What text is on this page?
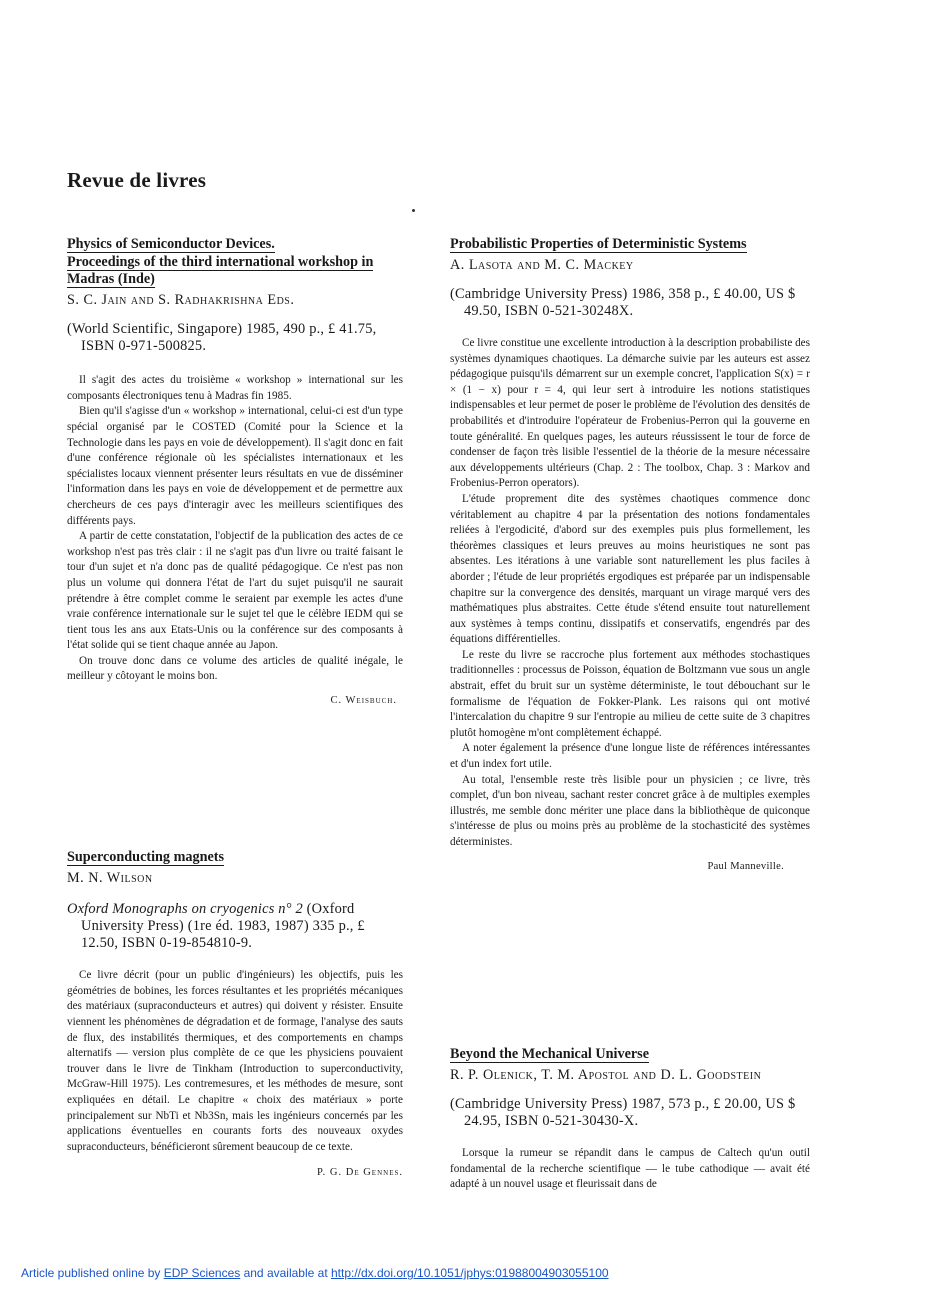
Revue de livres
Physics of Semiconductor Devices.
Proceedings of the third international workshop in
Madras (Inde)
S. C. Jain and S. Radhakrishna Eds.
(World Scientific, Singapore) 1985, 490 p., £ 41.75, ISBN 0-971-500825.

Il s'agit des actes du troisième « workshop » international sur les composants électroniques tenu à Madras fin 1985.

Bien qu'il s'agisse d'un « workshop » international, celui-ci est d'un type spécial organisé par le COSTED (Comité pour la Science et la Technologie dans les pays en voie de développement). Il s'agit donc en fait d'une conférence régionale où les spécialistes internationaux et les spécialistes locaux viennent présenter leurs résultats en vue de disséminer l'information dans les pays en voie de développement et de permettre aux chercheurs de ces pays d'interagir avec les meilleurs scientifiques des différents pays.

A partir de cette constatation, l'objectif de la publication des actes de ce workshop n'est pas très clair : il ne s'agit pas d'un livre ou traité faisant le tour d'un sujet et n'a donc pas de qualité pédagogique. Ce n'est pas non plus un volume qui donnera l'état de l'art du sujet puisqu'il ne saurait prétendre à être complet comme le seraient par exemple les actes d'une vraie conférence internationale sur le sujet tel que le célèbre IEDM qui se tient tous les ans aux Etats-Unis ou la conférence sur des composants à l'état solide qui se tient chaque année au Japon.

On trouve donc dans ce volume des articles de qualité inégale, le meilleur y côtoyant le moins bon.

C. Weisbuch.
Superconducting magnets
M. N. Wilson
Oxford Monographs on cryogenics n° 2 (Oxford University Press) (1re éd. 1983, 1987) 335 p., £ 12.50, ISBN 0-19-854810-9.

Ce livre décrit (pour un public d'ingénieurs) les objectifs, puis les géométries de bobines, les forces résultantes et les propriétés mécaniques des matériaux (supraconducteurs et autres) qui doivent y résister. Ensuite viennent les phénomènes de dégradation et de formage, l'analyse des sauts de flux, des instabilités thermiques, et des comportements en champs alternatifs — version plus complète de ce que les physiciens pouvaient trouver dans le livre de Tinkham (Introduction to superconductivity, McGraw-Hill 1975). Les contremesures, et les méthodes de mesure, sont expliquées en détail. Le chapitre « choix des matériaux » porte principalement sur NbTi et Nb3Sn, mais les ingénieurs concernés par les applications éventuelles en courants forts des nouveaux oxydes supraconducteurs, bénéficieront sûrement beaucoup de ce texte.

P. G. De Gennes.
Probabilistic Properties of Deterministic Systems
A. Lasota and M. C. Mackey
(Cambridge University Press) 1986, 358 p., £ 40.00, US $ 49.50, ISBN 0-521-30248X.

Ce livre constitue une excellente introduction à la description probabiliste des systèmes dynamiques chaotiques. La démarche suivie par les auteurs est assez pédagogique puisqu'ils démarrent sur un exemple concret, l'application S(x) = r × (1 − x) pour r = 4, qui leur sert à introduire les notions statistiques indispensables et leur permet de poser le problème de l'évolution des densités de probabilités et d'introduire l'opérateur de Frobenius-Perron qui la gouverne en toute généralité. En quelques pages, les auteurs réussissent le tour de force de condenser de façon très lisible l'essentiel de la théorie de la mesure nécessaire aux développements ultérieurs (Chap. 2 : The toolbox, Chap. 3 : Markov and Frobenius-Perron operators).

L'étude proprement dite des systèmes chaotiques commence donc véritablement au chapitre 4 par la présentation des notions fondamentales reliées à l'ergodicité, d'abord sur des exemples puis plus formellement, les théorèmes classiques et leurs preuves au moins heuristiques ne sont pas absentes. Les itérations à une variable sont naturellement les plus faciles à aborder ; l'étude de leur propriétés ergodiques est préparée par un indispensable chapitre sur la convergence des densités, marquant un virage marqué vers des mathématiques plus abstraites. Cette étude s'étend ensuite tout naturellement aux systèmes à temps continu, dissipatifs et conservatifs, engendrés par des équations différentielles.

Le reste du livre se raccroche plus fortement aux méthodes stochastiques traditionnelles : processus de Poisson, équation de Boltzmann vue sous un angle abstrait, effet du bruit sur un système déterministe, le tout débouchant sur le formalisme de l'équation de Fokker-Plank. Les raisons qui ont motivé l'intercalation du chapitre 9 sur l'entropie au milieu de cette suite de 3 chapitres plutôt homogène m'ont complètement échappé.

A noter également la présence d'une longue liste de références intéressantes et d'un index fort utile.

Au total, l'ensemble reste très lisible pour un physicien ; ce livre, très complet, d'un bon niveau, sachant rester concret grâce à de multiples exemples illustrés, me semble donc mériter une place dans la bibliothèque de quiconque s'intéresse de plus ou moins près au problème de la stochasticité des systèmes déterministes.

Paul Manneville.
Beyond the Mechanical Universe
R. P. Olenick, T. M. Apostol and D. L. Goodstein
(Cambridge University Press) 1987, 573 p., £ 20.00, US $ 24.95, ISBN 0-521-30430-X.

Lorsque la rumeur se répandit dans le campus de Caltech qu'un outil fondamental de la recherche scientifique — le tube cathodique — avait été adapté à un nouvel usage et fleurissait dans de

Article published online by EDP Sciences and available at http://dx.doi.org/10.1051/jphys:01988004903055100
